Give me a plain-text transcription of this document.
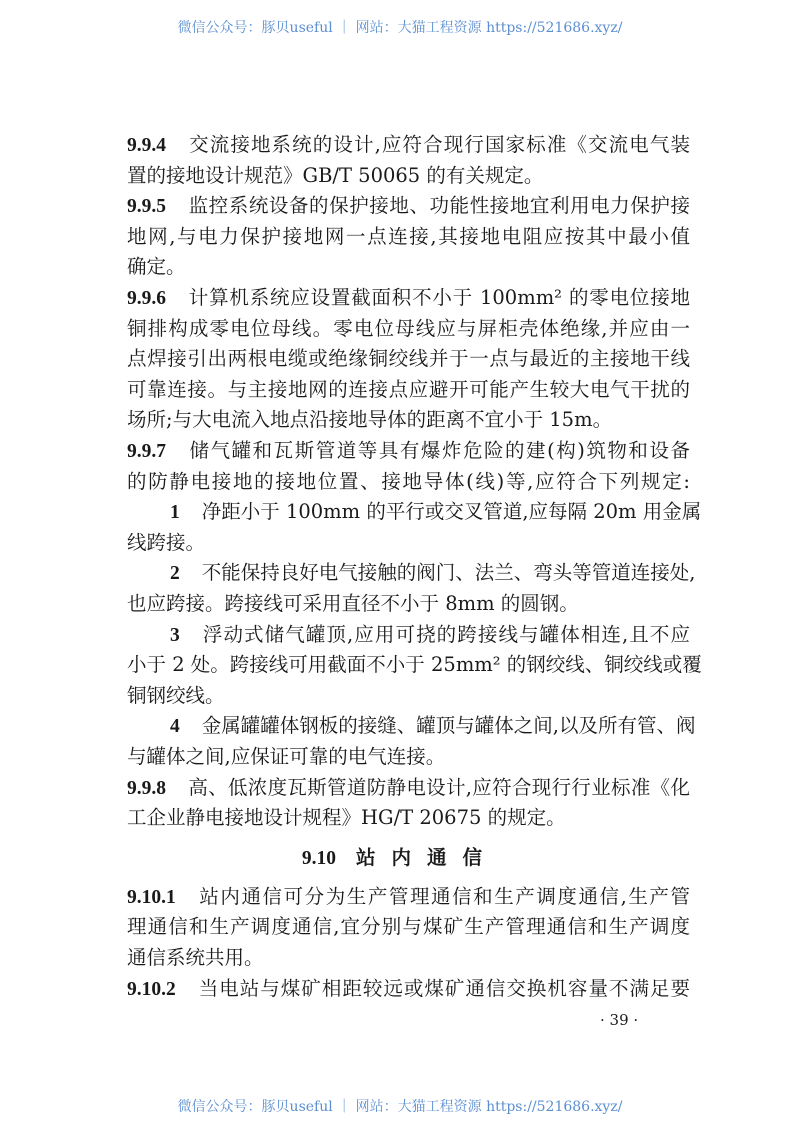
微信公众号：豚贝useful ｜ 网站：大猫工程资源 https://521686.xyz/
9.9.4 交流接地系统的设计,应符合现行国家标准《交流电气装
置的接地设计规范》GB/T 50065 的有关规定。
9.9.5 监控系统设备的保护接地、功能性接地宜利用电力保护接
地网,与电力保护接地网一点连接,其接地电阻应按其中最小值
确定。
9.9.6 计算机系统应设置截面积不小于 100mm² 的零电位接地
铜排构成零电位母线。零电位母线应与屏柜壳体绝缘,并应由一
点焊接引出两根电缆或绝缘铜绞线并于一点与最近的主接地干线
可靠连接。与主接地网的连接点应避开可能产生较大电气干扰的
场所;与大电流入地点沿接地导体的距离不宜小于 15m。
9.9.7 储气罐和瓦斯管道等具有爆炸危险的建(构)筑物和设备
的防静电接地的接地位置、接地导体(线)等,应符合下列规定:
1 净距小于 100mm 的平行或交叉管道,应每隔 20m 用金属
线跨接。
2 不能保持良好电气接触的阀门、法兰、弯头等管道连接处,
也应跨接。跨接线可采用直径不小于 8mm 的圆钢。
3 浮动式储气罐顶,应用可挠的跨接线与罐体相连,且不应
小于 2 处。跨接线可用截面不小于 25mm² 的钢绞线、铜绞线或覆
铜钢绞线。
4 金属罐罐体钢板的接缝、罐顶与罐体之间,以及所有管、阀
与罐体之间,应保证可靠的电气连接。
9.9.8 高、低浓度瓦斯管道防静电设计,应符合现行行业标准《化
工企业静电接地设计规程》HG/T 20675 的规定。
9.10.1 站内通信可分为生产管理通信和生产调度通信,生产管
理通信和生产调度通信,宜分别与煤矿生产管理通信和生产调度
通信系统共用。
9.10.2 当电站与煤矿相距较远或煤矿通信交换机容量不满足要
9.10 站内通信
· 39 ·
微信公众号：豚贝useful ｜ 网站：大猫工程资源 https://521686.xyz/
